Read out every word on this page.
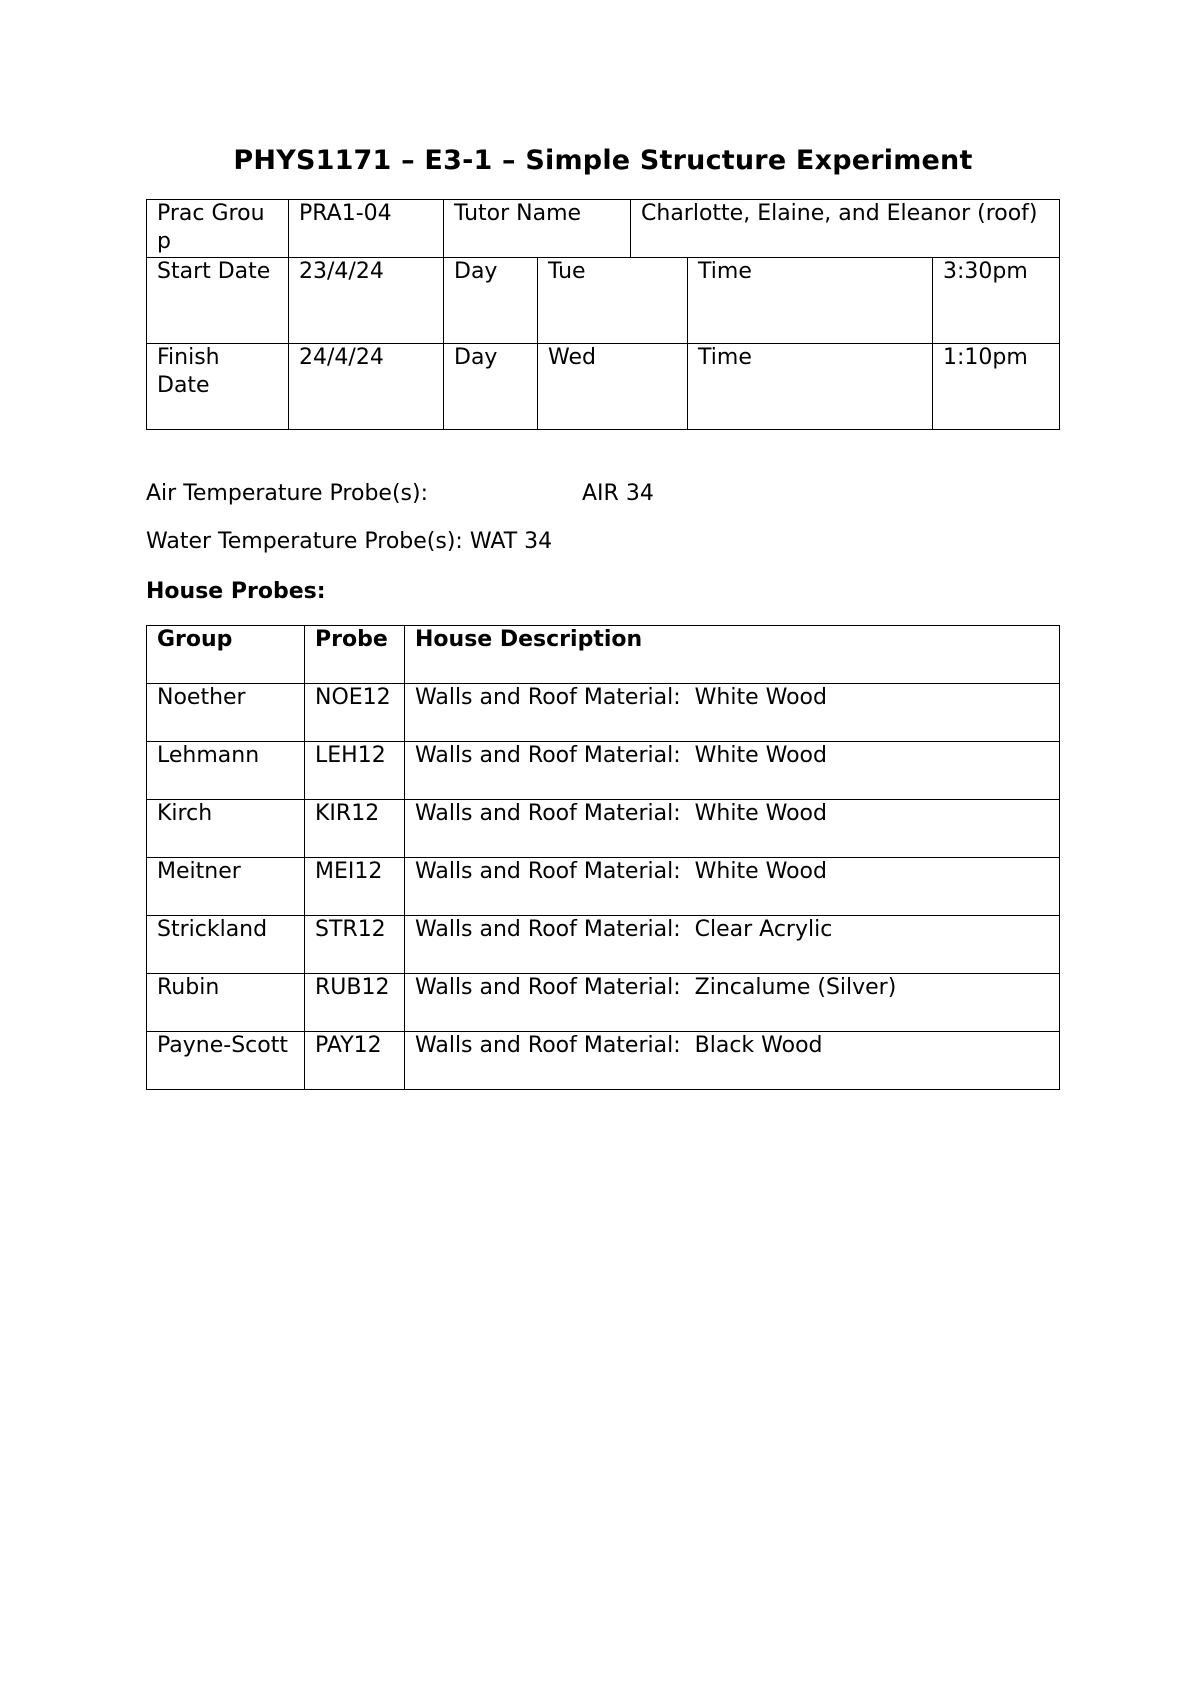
PHYS1171 – E3-1 – Simple Structure Experiment
Prac Group	PRA1-04	Tutor Name		Charlotte, Elaine, and Eleanor (roof)		
Start Date	23/4/24	Day	Tue		Time	3:30pm
Finish Date	24/4/24	Day	Wed		Time	1:10pm
Air Temperature Probe(s):	AIR 34
Water Temperature Probe(s): WAT 34
House Probes:
Group	Probe	House Description
Noether	NOE12	Walls and Roof Material: White Wood
Lehmann	LEH12	Walls and Roof Material: White Wood
Kirch	KIR12	Walls and Roof Material: White Wood
Meitner	MEI12	Walls and Roof Material: White Wood
Strickland	STR12	Walls and Roof Material: Clear Acrylic
Rubin	RUB12	Walls and Roof Material: Zincalume (Silver)
Payne-Scott	PAY12	Walls and Roof Material: Black Wood
